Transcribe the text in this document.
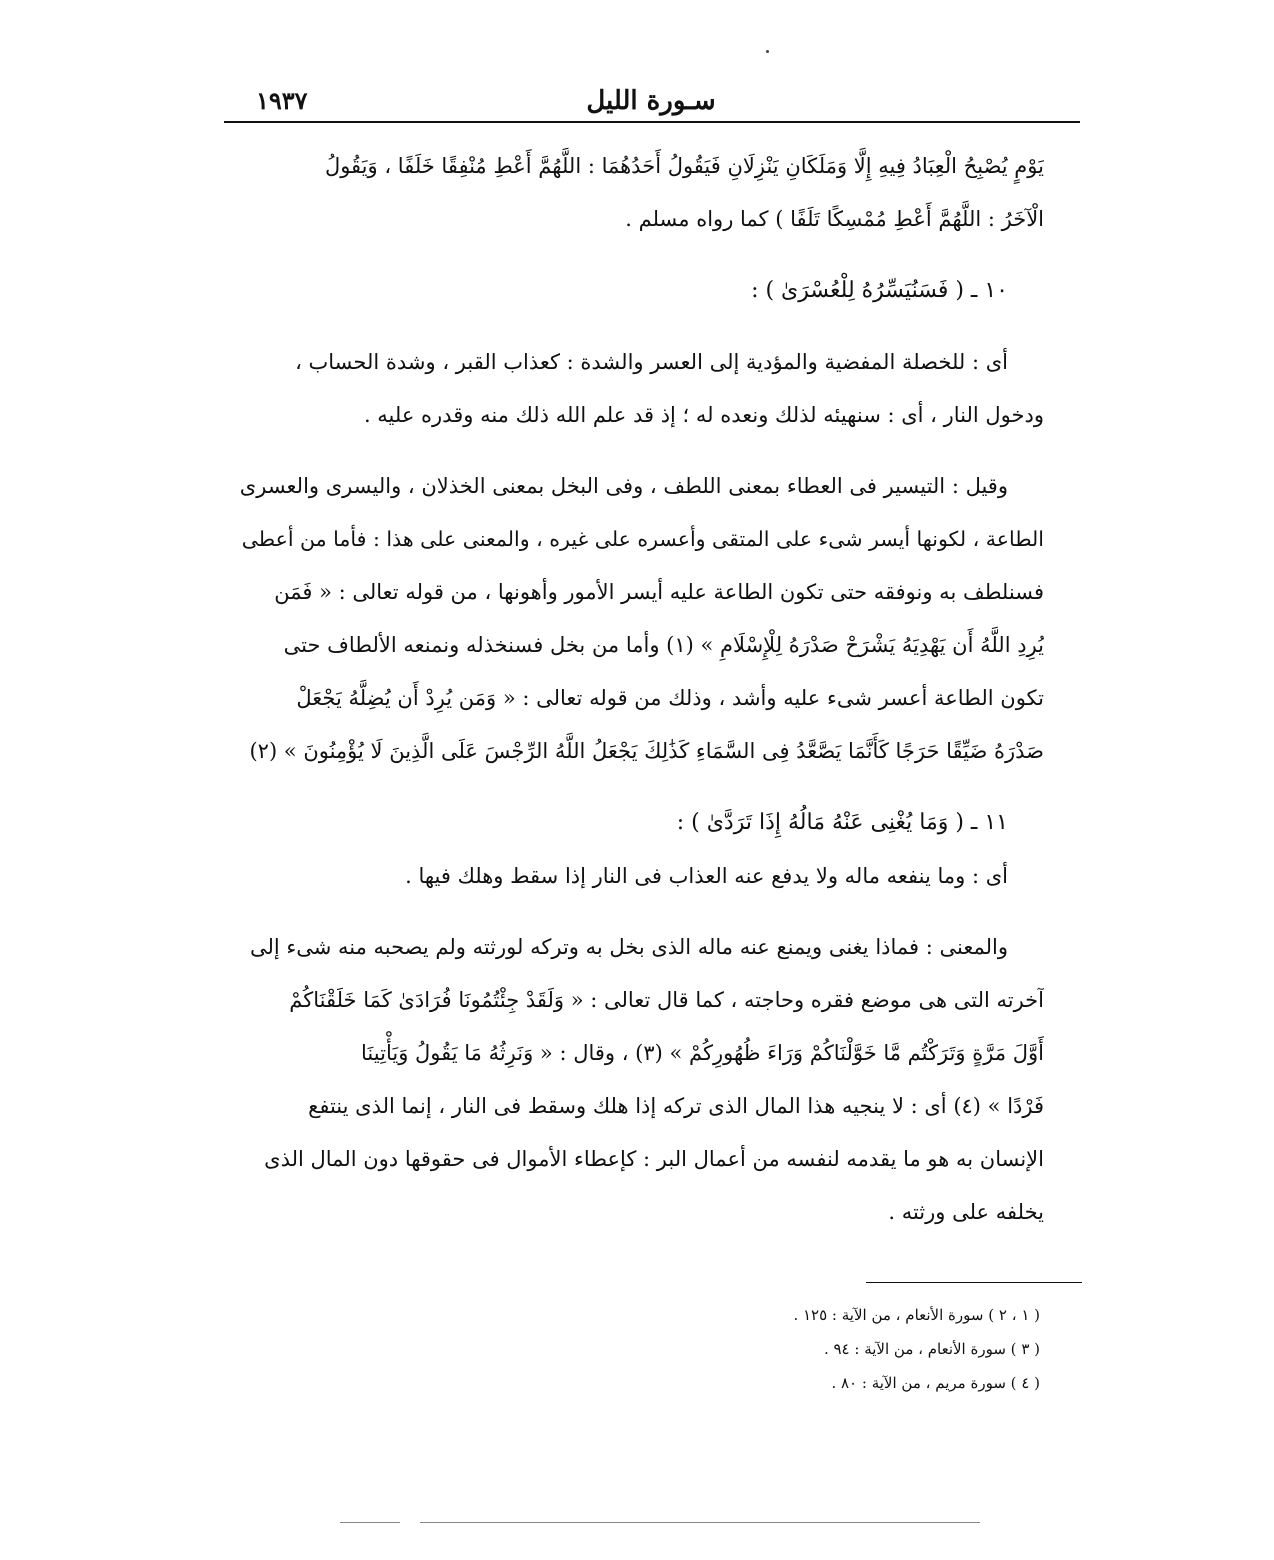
١٩٣٧	سـورة الليل
يَوْمٍ يُصْبِحُ الْعِبَادُ فِيهِ إِلَّا وَمَلَكَانِ يَنْزِلَانِ فَيَقُولُ أَحَدُهُمَا : اللَّهُمَّ أَعْطِ مُنْفِقًا خَلَفًا ، وَيَقُولُ
الْآخَرُ : اللَّهُمَّ أَعْطِ مُمْسِكًا تَلَفًا ) كما رواه مسلم .
١٠ ـ ( فَسَنُيَسِّرُهُ لِلْعُسْرَىٰ ) :
أى : للخصلة المفضية والمؤدية إلى العسر والشدة : كعذاب القبر ، وشدة الحساب ،
ودخول النار ، أى : سنهيئه لذلك ونعده له ؛ إذ قد علم الله ذلك منه وقدره عليه .
وقيل : التيسير فى العطاء بمعنى اللطف ، وفى البخل بمعنى الخذلان ، واليسرى والعسرى
الطاعة ، لكونها أيسر شىء على المتقى وأعسره على غيره ، والمعنى على هذا : فأما من أعطى
فسنلطف به ونوفقه حتى تكون الطاعة عليه أيسر الأمور وأهونها ، من قوله تعالى : « فَمَن
يُرِدِ اللَّهُ أَن يَهْدِيَهُ يَشْرَحْ صَدْرَهُ لِلْإِسْلَامِ » (١) وأما من بخل فسنخذله ونمنعه الألطاف حتى
تكون الطاعة أعسر شىء عليه وأشد ، وذلك من قوله تعالى : « وَمَن يُرِدْ أَن يُضِلَّهُ يَجْعَلْ
صَدْرَهُ ضَيِّقًا حَرَجًا كَأَنَّمَا يَصَّعَّدُ فِى السَّمَاءِ كَذَٰلِكَ يَجْعَلُ اللَّهُ الرِّجْسَ عَلَى الَّذِينَ لَا يُؤْمِنُونَ » (٢)
١١ ـ ( وَمَا يُغْنِى عَنْهُ مَالُهُ إِذَا تَرَدَّىٰ ) :
أى : وما ينفعه ماله ولا يدفع عنه العذاب فى النار إذا سقط وهلك فيها .
والمعنى : فماذا يغنى ويمنع عنه ماله الذى بخل به وتركه لورثته ولم يصحبه منه شىء إلى
آخرته التى هى موضع فقره وحاجته ، كما قال تعالى : « وَلَقَدْ جِئْتُمُونَا فُرَادَىٰ كَمَا خَلَقْنَاكُمْ
أَوَّلَ مَرَّةٍ وَتَرَكْتُم مَّا خَوَّلْنَاكُمْ وَرَاءَ ظُهُورِكُمْ » (٣) ، وقال : « وَنَرِثُهُ مَا يَقُولُ وَيَأْتِينَا
فَرْدًا » (٤) أى : لا ينجيه هذا المال الذى تركه إذا هلك وسقط فى النار ، إنما الذى ينتفع
الإنسان به هو ما يقدمه لنفسه من أعمال البر : كإعطاء الأموال فى حقوقها دون المال الذى
يخلفه على ورثته .
( ١ ، ٢ ) سورة الأنعام ، من الآية : ١٢٥ .
( ٣ ) سورة الأنعام ، من الآية : ٩٤ .
( ٤ ) سورة مريم ، من الآية : ٨٠ .
